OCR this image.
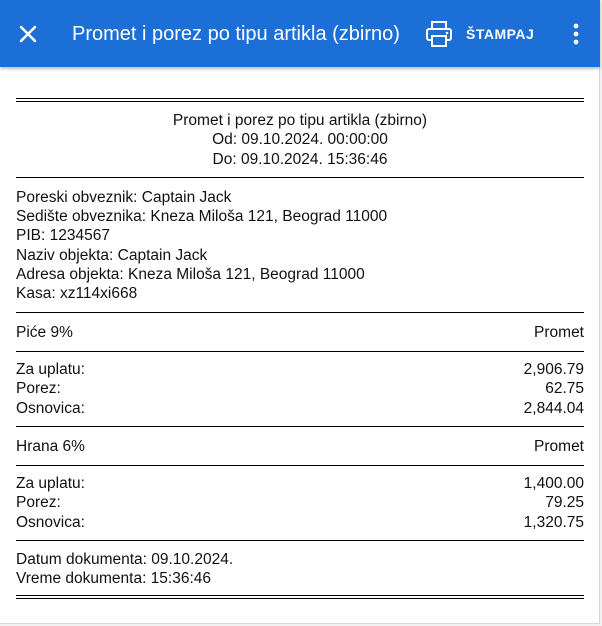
Promet i porez po tipu artikla (zbirno)	ŠTAMPAJ
Promet i porez po tipu artikla (zbirno)
Od: 09.10.2024. 00:00:00
Do: 09.10.2024. 15:36:46
Poreski obveznik: Captain Jack
Sedište obveznika: Kneza Miloša 121, Beograd 11000
PIB: 1234567
Naziv objekta: Captain Jack
Adresa objekta: Kneza Miloša 121, Beograd 11000
Kasa: xz114xi668
Piće 9%	Promet
Za uplatu:	2,906.79
Porez:	62.75
Osnovica:	2,844.04
Hrana 6%	Promet
Za uplatu:	1,400.00
Porez:	79.25
Osnovica:	1,320.75
Datum dokumenta: 09.10.2024.
Vreme dokumenta: 15:36:46
